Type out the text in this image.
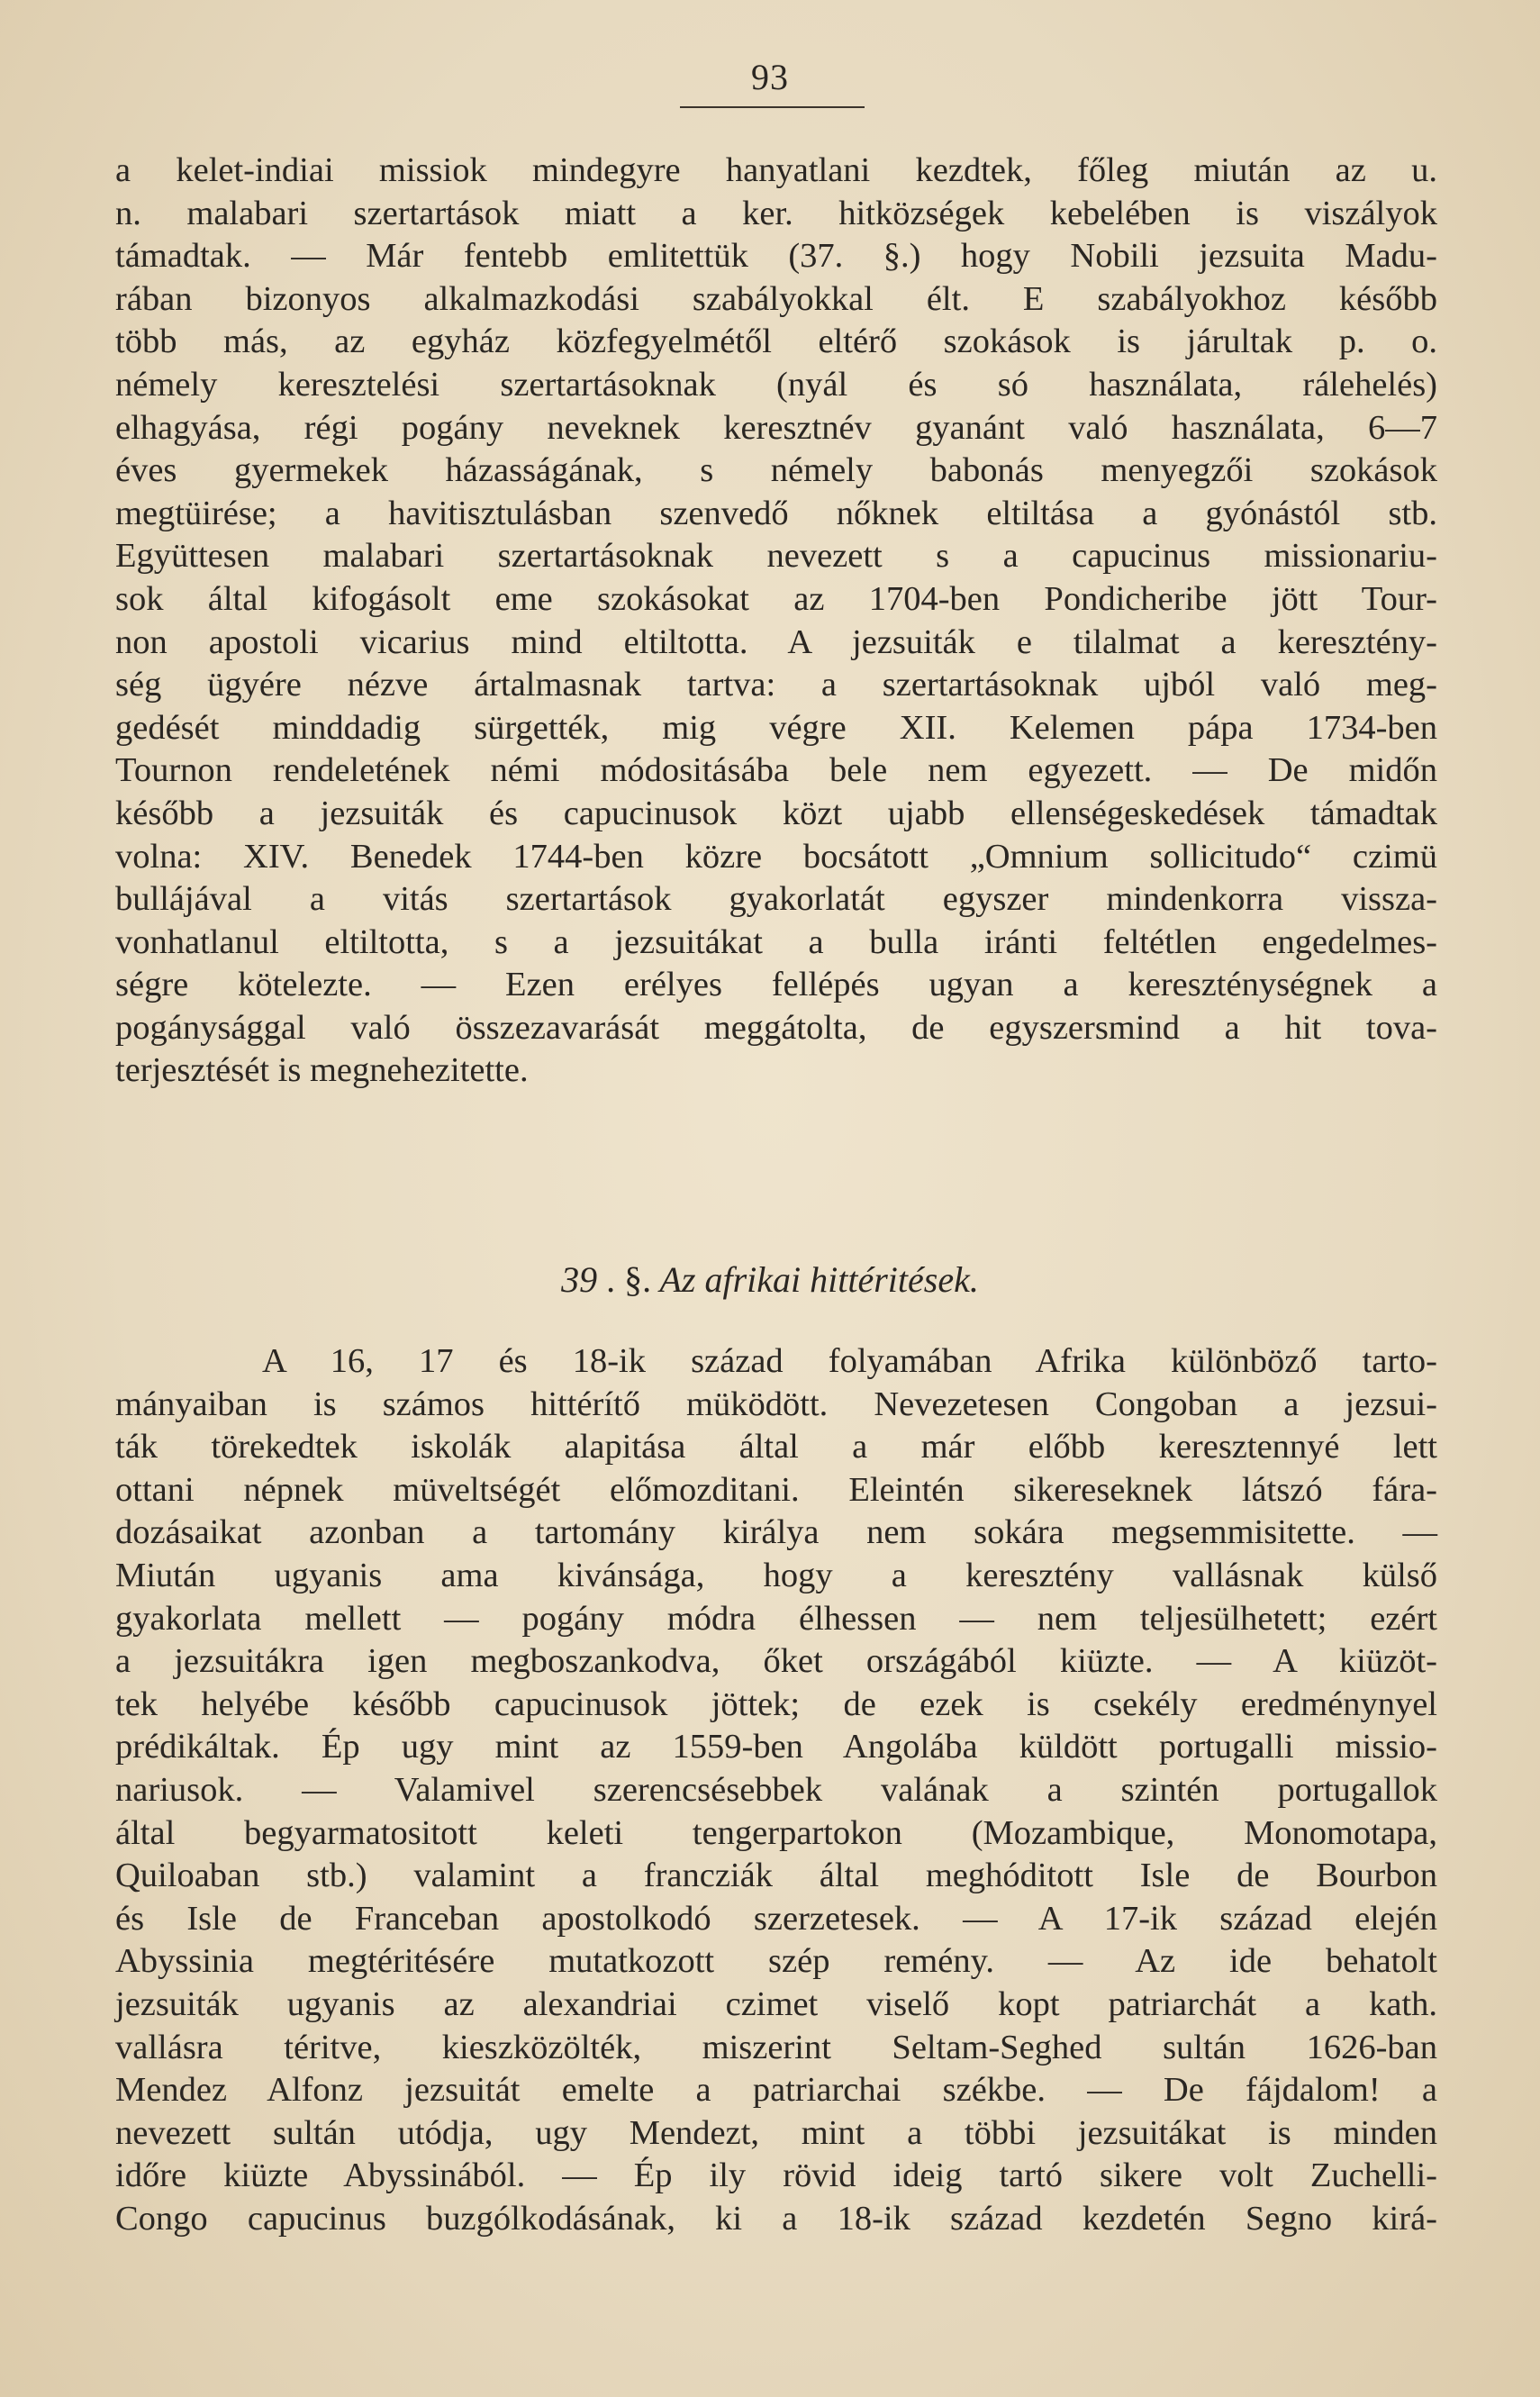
93
a kelet-indiai missiok mindegyre hanyatlani kezdtek, főleg miután az u.
n. malabari szertartások miatt a ker. hitközségek kebelében is viszályok
támadtak. — Már fentebb emlitettük (37. §.) hogy Nobili jezsuita Madu-
rában bizonyos alkalmazkodási szabályokkal élt. E szabályokhoz később
több más, az egyház közfegyelmétől eltérő szokások is járultak p. o.
némely keresztelési szertartásoknak (nyál és só használata, rálehelés)
elhagyása, régi pogány neveknek keresztnév gyanánt való használata, 6—7
éves gyermekek házasságának, s némely babonás menyegzői szokások
megtüirése; a havitisztulásban szenvedő nőknek eltiltása a gyónástól stb.
Együttesen malabari szertartásoknak nevezett s a capucinus missionariu-
sok által kifogásolt eme szokásokat az 1704-ben Pondicheribe jött Tour-
non apostoli vicarius mind eltiltotta. A jezsuiták e tilalmat a keresztény-
ség ügyére nézve ártalmasnak tartva: a szertartásoknak ujból való meg-
gedését minddadig sürgették, mig végre XII. Kelemen pápa 1734-ben
Tournon rendeletének némi módositásába bele nem egyezett. — De midőn
később a jezsuiták és capucinusok közt ujabb ellenségeskedések támadtak
volna: XIV. Benedek 1744-ben közre bocsátott „Omnium sollicitudo“ czimü
bullájával a vitás szertartások gyakorlatát egyszer mindenkorra vissza-
vonhatlanul eltiltotta, s a jezsuitákat a bulla iránti feltétlen engedelmes-
ségre kötelezte. — Ezen erélyes fellépés ugyan a kereszténységnek a
pogánysággal való összezavarását meggátolta, de egyszersmind a hit tova-
terjesztését is megnehezitette.
39 . §. Az afrikai hittéritések.
A 16, 17 és 18-ik század folyamában Afrika különböző tarto-
mányaiban is számos hittérítő müködött. Nevezetesen Congoban a jezsui-
ták törekedtek iskolák alapitása által a már előbb keresztennyé lett
ottani népnek müveltségét előmozditani. Eleintén sikereseknek látszó fára-
dozásaikat azonban a tartomány királya nem sokára megsemmisitette. —
Miután ugyanis ama kivánsága, hogy a keresztény vallásnak külső
gyakorlata mellett — pogány módra élhessen — nem teljesülhetett; ezért
a jezsuitákra igen megboszankodva, őket országából kiüzte. — A kiüzöt-
tek helyébe később capucinusok jöttek; de ezek is csekély eredménynyel
prédikáltak. Ép ugy mint az 1559-ben Angolába küldött portugalli missio-
nariusok. — Valamivel szerencsésebbek valának a szintén portugallok
által begyarmatositott keleti tengerpartokon (Mozambique, Monomotapa,
Quiloaban stb.) valamint a francziák által meghóditott Isle de Bourbon
és Isle de Franceban apostolkodó szerzetesek. — A 17-ik század elején
Abyssinia megtéritésére mutatkozott szép remény. — Az ide behatolt
jezsuiták ugyanis az alexandriai czimet viselő kopt patriarchát a kath.
vallásra téritve, kieszközölték, miszerint Seltam-Seghed sultán 1626-ban
Mendez Alfonz jezsuitát emelte a patriarchai székbe. — De fájdalom! a
nevezett sultán utódja, ugy Mendezt, mint a többi jezsuitákat is minden
időre kiüzte Abyssinából. — Ép ily rövid ideig tartó sikere volt Zuchelli-
Congo capucinus buzgólkodásának, ki a 18-ik század kezdetén Segno kirá-
